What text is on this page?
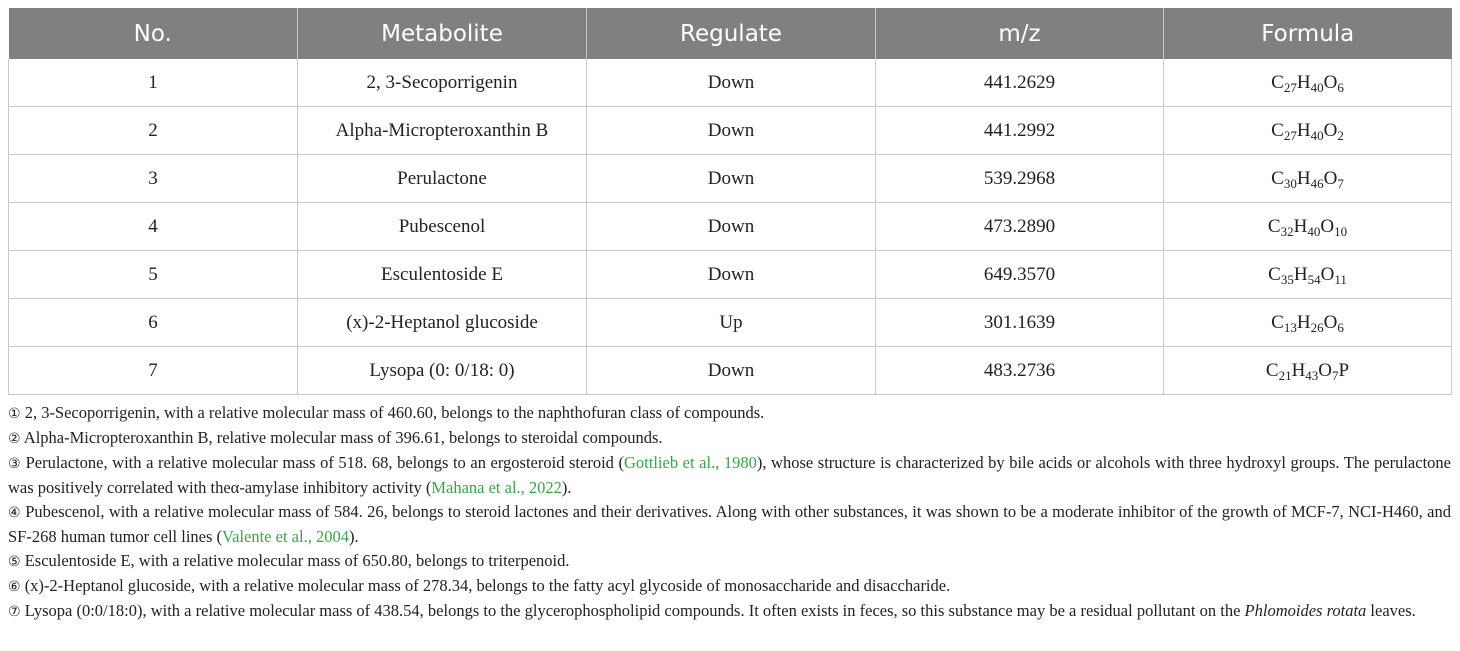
No.	Metabolite	Regulate	m/z	Formula
1	2, 3-Secoporrigenin	Down	441.2629	$C_{27}H_{40}O_6$
2	Alpha-Micropteroxanthin B	Down	441.2992	$C_{27}H_{40}O_2$
3	Perulactone	Down	539.2968	$C_{30}H_{46}O_7$
4	Pubescenol	Down	473.2890	$C_{32}H_{40}O_{10}$
5	Esculentoside E	Down	649.3570	$C_{35}H_{54}O_{11}$
6	(x)-2-Heptanol glucoside	Up	301.1639	$C_{13}H_{26}O_6$
7	Lysopa (0: 0/18: 0)	Down	483.2736	$C_{21}H_{43}O_7P$

① 2, 3-Secoporrigenin, with a relative molecular mass of 460.60, belongs to the naphthofuran class of compounds.

② Alpha-Micropteroxanthin B, relative molecular mass of 396.61, belongs to steroidal compounds.

③ Perulactone, with a relative molecular mass of 518. 68, belongs to an ergosteroid steroid (Gottlieb et al., 1980), whose structure is characterized by bile acids or alcohols with three hydroxyl groups. The perulactone was positively correlated with theα-amylase inhibitory activity (Mahana et al., 2022).

④ Pubescenol, with a relative molecular mass of 584. 26, belongs to steroid lactones and their derivatives. Along with other substances, it was shown to be a moderate inhibitor of the growth of MCF-7, NCI-H460, and SF-268 human tumor cell lines (Valente et al., 2004).

⑤ Esculentoside E, with a relative molecular mass of 650.80, belongs to triterpenoid.

⑥ (x)-2-Heptanol glucoside, with a relative molecular mass of 278.34, belongs to the fatty acyl glycoside of monosaccharide and disaccharide.

⑦ Lysopa (0:0/18:0), with a relative molecular mass of 438.54, belongs to the glycerophospholipid compounds. It often exists in feces, so this substance may be a residual pollutant on the Phlomoides rotata leaves.
